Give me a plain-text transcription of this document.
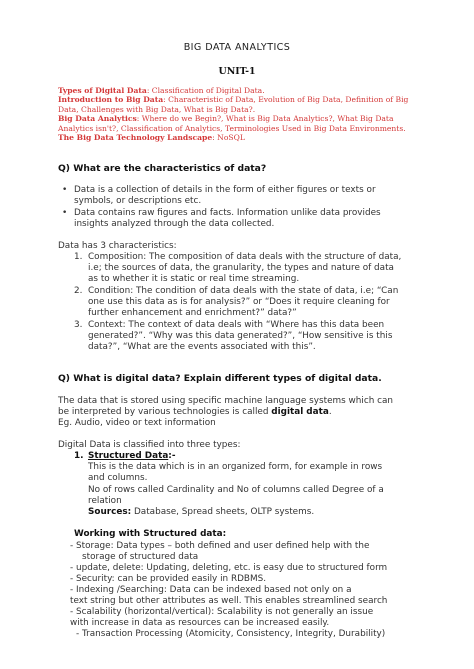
BIG DATA ANALYTICS
UNIT-1
Types of Digital Data: Classification of Digital Data.
Introduction to Big Data: Characteristic of Data, Evolution of Big Data, Definition of Big
Data, Challenges with Big Data, What is Big Data?.
Big Data Analytics: Where do we Begin?, What is Big Data Analytics?, What Big Data
Analytics isn't?, Classification of Analytics, Terminologies Used in Big Data Environments.
The Big Data Technology Landscape: NoSQL
Q) What are the characteristics of data?
• Data is a collection of details in the form of either figures or texts or
symbols, or descriptions etc.
• Data contains raw figures and facts. Information unlike data provides
insights analyzed through the data collected.
Data has 3 characteristics:
1. Composition: The composition of data deals with the structure of data,
i.e; the sources of data, the granularity, the types and nature of data
as to whether it is static or real time streaming.
2. Condition: The condition of data deals with the state of data, i.e; “Can
one use this data as is for analysis?” or “Does it require cleaning for
further enhancement and enrichment?” data?”
3. Context: The context of data deals with “Where has this data been
generated?”. “Why was this data generated?”, “How sensitive is this
data?”, “What are the events associated with this”.
Q) What is digital data? Explain different types of digital data.
The data that is stored using specific machine language systems which can
be interpreted by various technologies is called digital data.
Eg. Audio, video or text information
Digital Data is classified into three types:
1. Structured Data:-
This is the data which is in an organized form, for example in rows
and columns.
No of rows called Cardinality and No of columns called Degree of a
relation
Sources: Database, Spread sheets, OLTP systems.
Working with Structured data:
- Storage: Data types – both defined and user defined help with the
storage of structured data
- update, delete: Updating, deleting, etc. is easy due to structured form
- Security: can be provided easily in RDBMS.
- Indexing /Searching: Data can be indexed based not only on a
text string but other attributes as well. This enables streamlined search
- Scalability (horizontal/vertical): Scalability is not generally an issue
with increase in data as resources can be increased easily.
- Transaction Processing (Atomicity, Consistency, Integrity, Durability)
